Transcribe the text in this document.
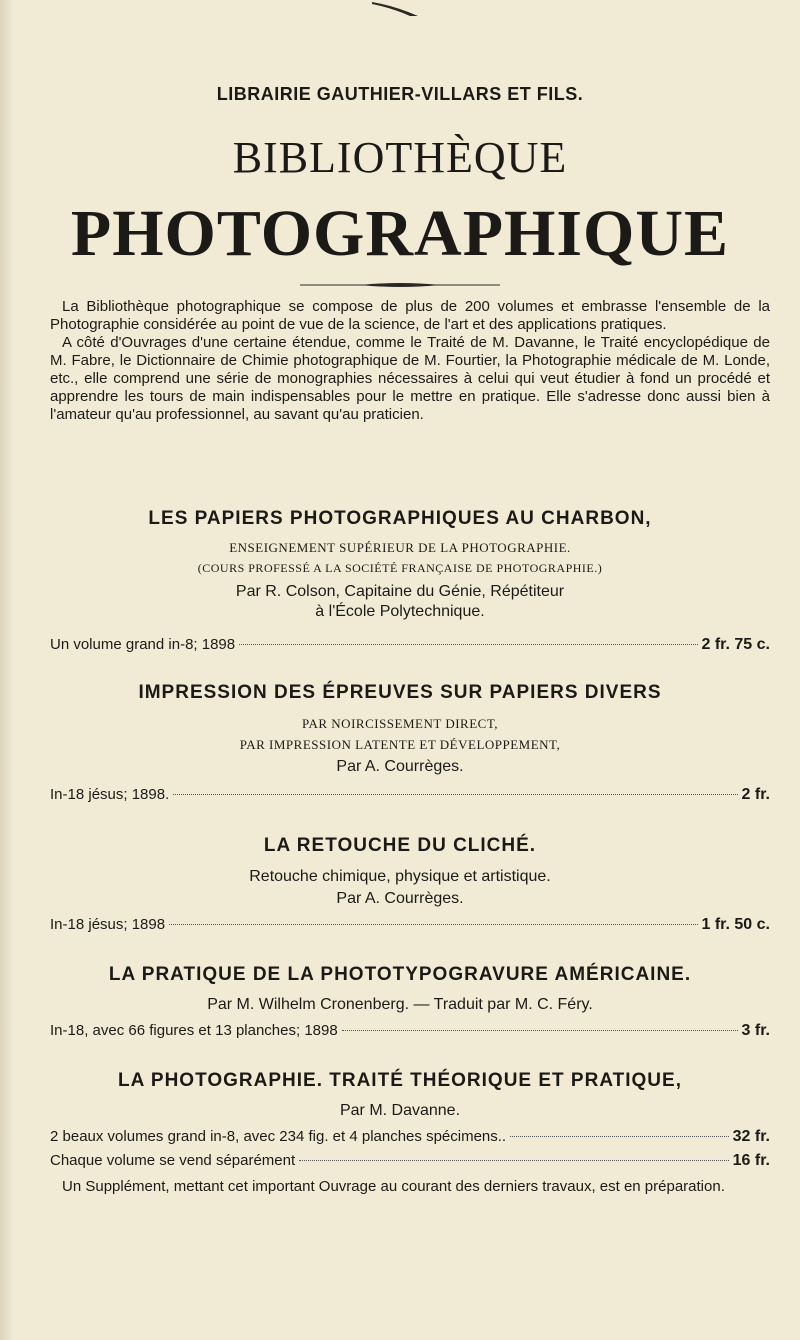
LIBRAIRIE GAUTHIER-VILLARS ET FILS.
BIBLIOTHÈQUE
PHOTOGRAPHIQUE

La Bibliothèque photographique se compose de plus de 200 volumes et embrasse l'ensemble de la Photographie considérée au point de vue de la science, de l'art et des applications pratiques.

A côté d'Ouvrages d'une certaine étendue, comme le Traité de M. Davanne, le Traité encyclopédique de M. Fabre, le Dictionnaire de Chimie photographique de M. Fourtier, la Photographie médicale de M. Londe, etc., elle comprend une série de monographies nécessaires à celui qui veut étudier à fond un procédé et apprendre les tours de main indispensables pour le mettre en pratique. Elle s'adresse donc aussi bien à l'amateur qu'au professionnel, au savant qu'au praticien.

LES PAPIERS PHOTOGRAPHIQUES AU CHARBON,
ENSEIGNEMENT SUPÉRIEUR DE LA PHOTOGRAPHIE.
(COURS PROFESSÉ A LA SOCIÉTÉ FRANÇAISE DE PHOTOGRAPHIE.)
Par R. Colson, Capitaine du Génie, Répétiteur
à l'École Polytechnique.
Un volume grand in-8; 1898	2 fr. 75 c.
IMPRESSION DES ÉPREUVES SUR PAPIERS DIVERS
PAR NOIRCISSEMENT DIRECT,
PAR IMPRESSION LATENTE ET DÉVELOPPEMENT,
Par A. Courrèges.
In-18 jésus; 1898.	2 fr.
LA RETOUCHE DU CLICHÉ.
Retouche chimique, physique et artistique.
Par A. Courrèges.
In-18 jésus; 1898	1 fr. 50 c.
LA PRATIQUE DE LA PHOTOTYPOGRAVURE AMÉRICAINE.
Par M. Wilhelm Cronenberg. — Traduit par M. C. Féry.
In-18, avec 66 figures et 13 planches; 1898	3 fr.
LA PHOTOGRAPHIE. TRAITÉ THÉORIQUE ET PRATIQUE,
Par M. Davanne.
2 beaux volumes grand in-8, avec 234 fig. et 4 planches spécimens..	32 fr.
Chaque volume se vend séparément	16 fr.
Un Supplément, mettant cet important Ouvrage au courant des derniers travaux, est en préparation.
